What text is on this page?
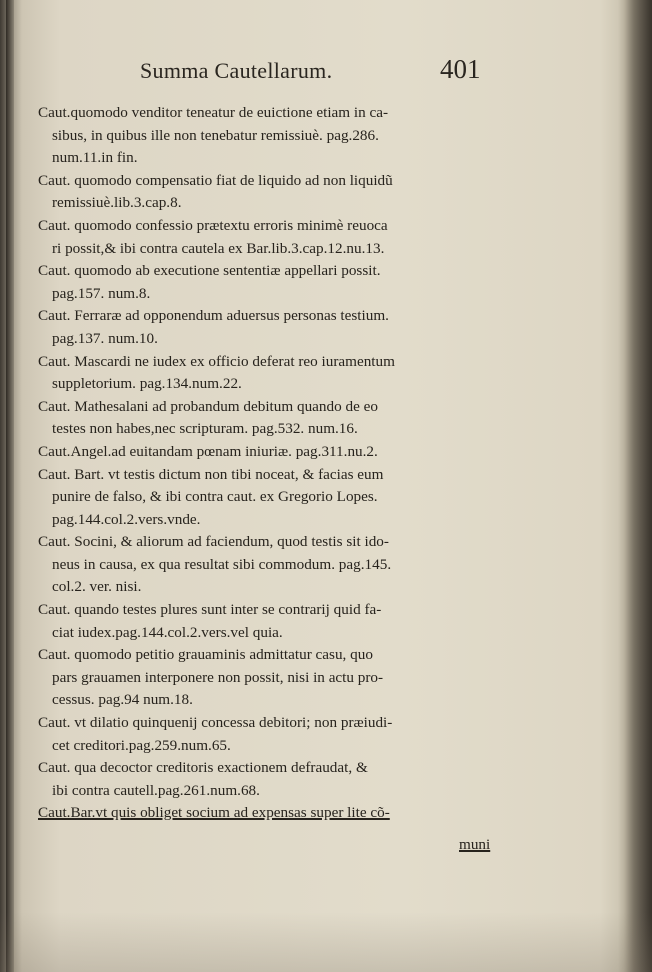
Summa Cautellarum.	401
Caut.quomodo venditor teneatur de euictione etiam in ca-
sibus, in quibus ille non tenebatur remissiuè. pag.286.
num.11.in fin.
Caut. quomodo compensatio fiat de liquido ad non liquidũ
remissiuè.lib.3.cap.8.
Caut. quomodo confessio prætextu erroris minimè reuoca
ri possit,& ibi contra cautela ex Bar.lib.3.cap.12.nu.13.
Caut. quomodo ab executione sententiæ appellari possit.
pag.157. num.8.
Caut. Ferraræ ad opponendum aduersus personas testium.
pag.137. num.10.
Caut. Mascardi ne iudex ex officio deferat reo iuramentum
suppletorium. pag.134.num.22.
Caut. Mathesalani ad probandum debitum quando de eo
testes non habes,nec scripturam. pag.532. num.16.
Caut.Angel.ad euitandam pœnam iniuriæ. pag.311.nu.2.
Caut. Bart. vt testis dictum non tibi noceat, & facias eum
punire de falso, & ibi contra caut. ex Gregorio Lopes.
pag.144.col.2.vers.vnde.
Caut. Socini, & aliorum ad faciendum, quod testis sit ido-
neus in causa, ex qua resultat sibi commodum. pag.145.
col.2. ver. nisi.
Caut. quando testes plures sunt inter se contrarij quid fa-
ciat iudex.pag.144.col.2.vers.vel quia.
Caut. quomodo petitio grauaminis admittatur casu, quo
pars grauamen interponere non possit, nisi in actu pro-
cessus. pag.94 num.18.
Caut. vt dilatio quinquenij concessa debitori; non præiudi-
cet creditori.pag.259.num.65.
Caut. qua decoctor creditoris exactionem defraudat, &
ibi contra cautell.pag.261.num.68.
Caut.Bar.vt quis obliget socium ad expensas super lite cõ-
muni
